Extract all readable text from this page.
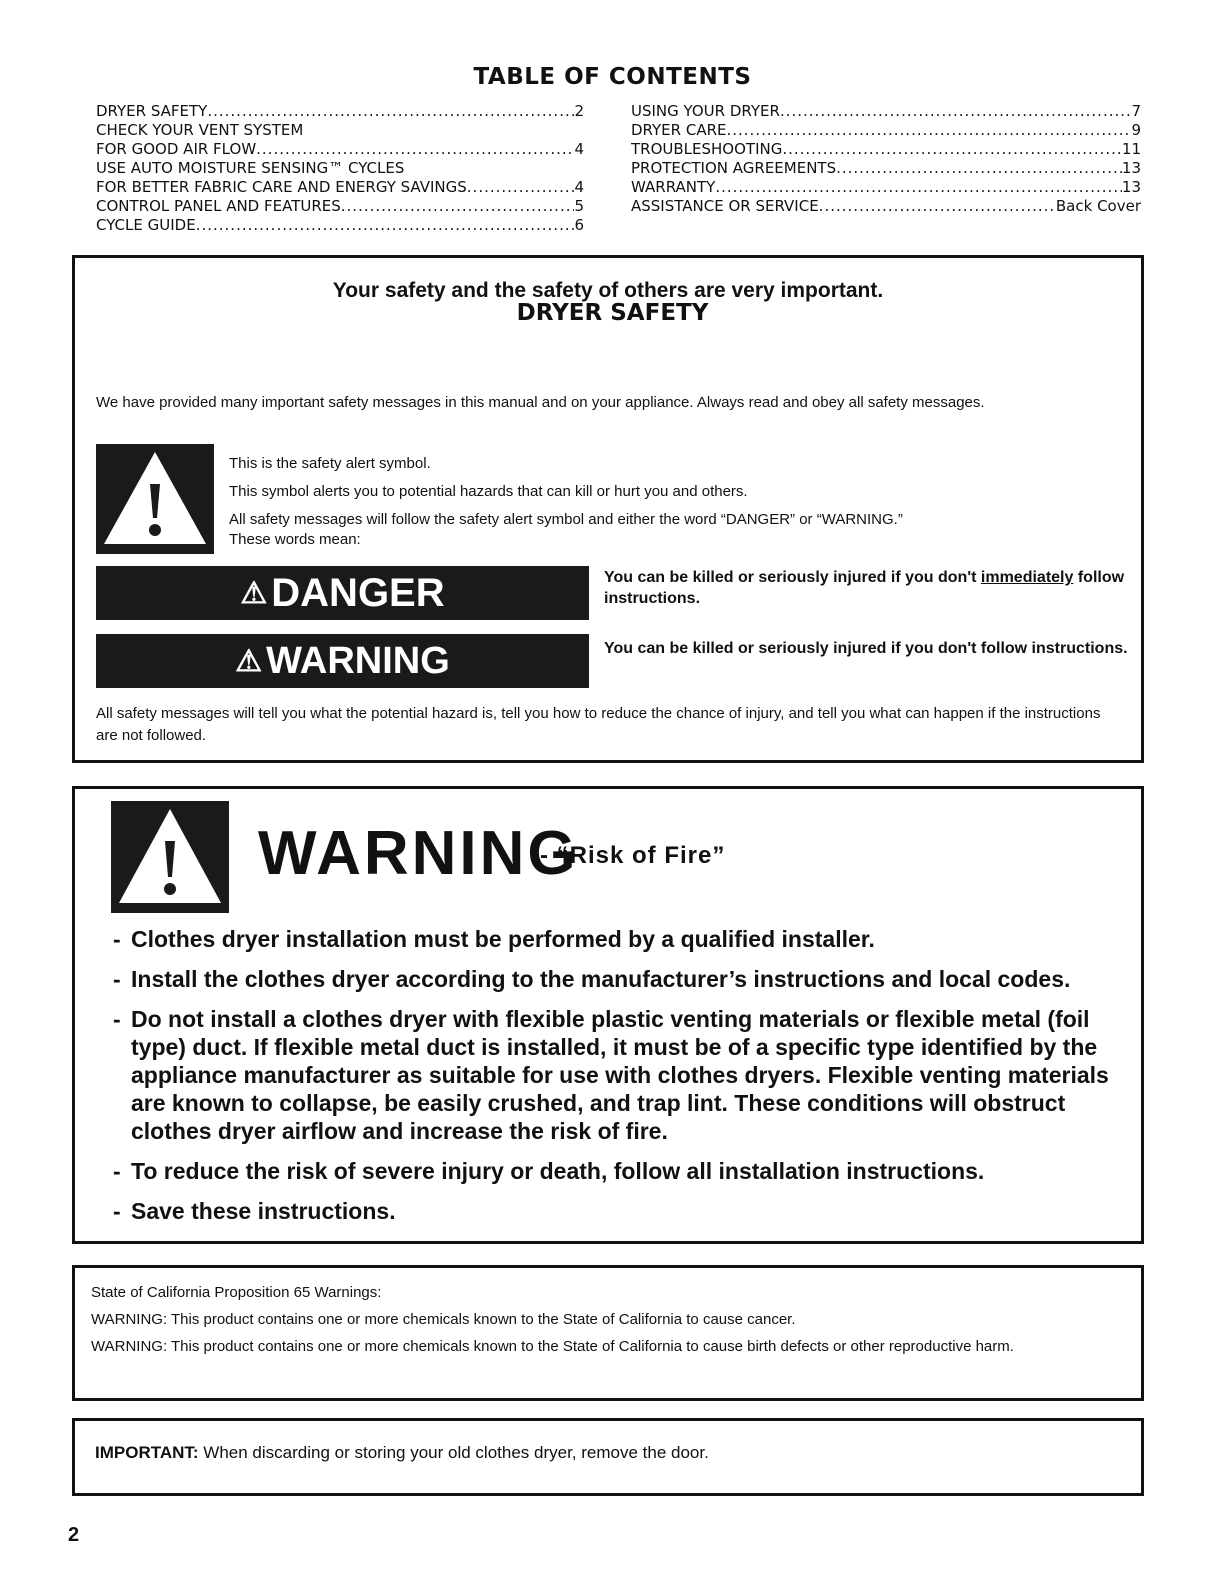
TABLE OF CONTENTS
DRYER SAFETY .....	2
CHECK YOUR VENT SYSTEM
FOR GOOD AIR FLOW .....	4
USE AUTO MOISTURE SENSING™ CYCLES
FOR BETTER FABRIC CARE AND ENERGY SAVINGS .....	4
CONTROL PANEL AND FEATURES .....	5
CYCLE GUIDE .....	6
USING YOUR DRYER .....	7
DRYER CARE .....	9
TROUBLESHOOTING .....	11
PROTECTION AGREEMENTS .....	13
WARRANTY .....	13
ASSISTANCE OR SERVICE .....	Back Cover
DRYER SAFETY
Your safety and the safety of others are very important.
We have provided many important safety messages in this manual and on your appliance. Always read and obey all safety messages.
This is the safety alert symbol.
This symbol alerts you to potential hazards that can kill or hurt you and others.
All safety messages will follow the safety alert symbol and either the word “DANGER” or “WARNING.”
These words mean:
⚠ DANGER	You can be killed or seriously injured if you don't immediately follow instructions.
⚠ WARNING	You can be killed or seriously injured if you don't follow instructions.
All safety messages will tell you what the potential hazard is, tell you how to reduce the chance of injury, and tell you what can happen if the instructions are not followed.
WARNING
- “Risk of Fire”
- Clothes dryer installation must be performed by a qualified installer.
- Install the clothes dryer according to the manufacturer’s instructions and local codes.
- Do not install a clothes dryer with flexible plastic venting materials or flexible metal (foil type) duct. If flexible metal duct is installed, it must be of a specific type identified by the appliance manufacturer as suitable for use with clothes dryers. Flexible venting materials are known to collapse, be easily crushed, and trap lint. These conditions will obstruct clothes dryer airflow and increase the risk of fire.
- To reduce the risk of severe injury or death, follow all installation instructions.
- Save these instructions.
State of California Proposition 65 Warnings:
WARNING: This product contains one or more chemicals known to the State of California to cause cancer.
WARNING: This product contains one or more chemicals known to the State of California to cause birth defects or other reproductive harm.
IMPORTANT: When discarding or storing your old clothes dryer, remove the door.
2
